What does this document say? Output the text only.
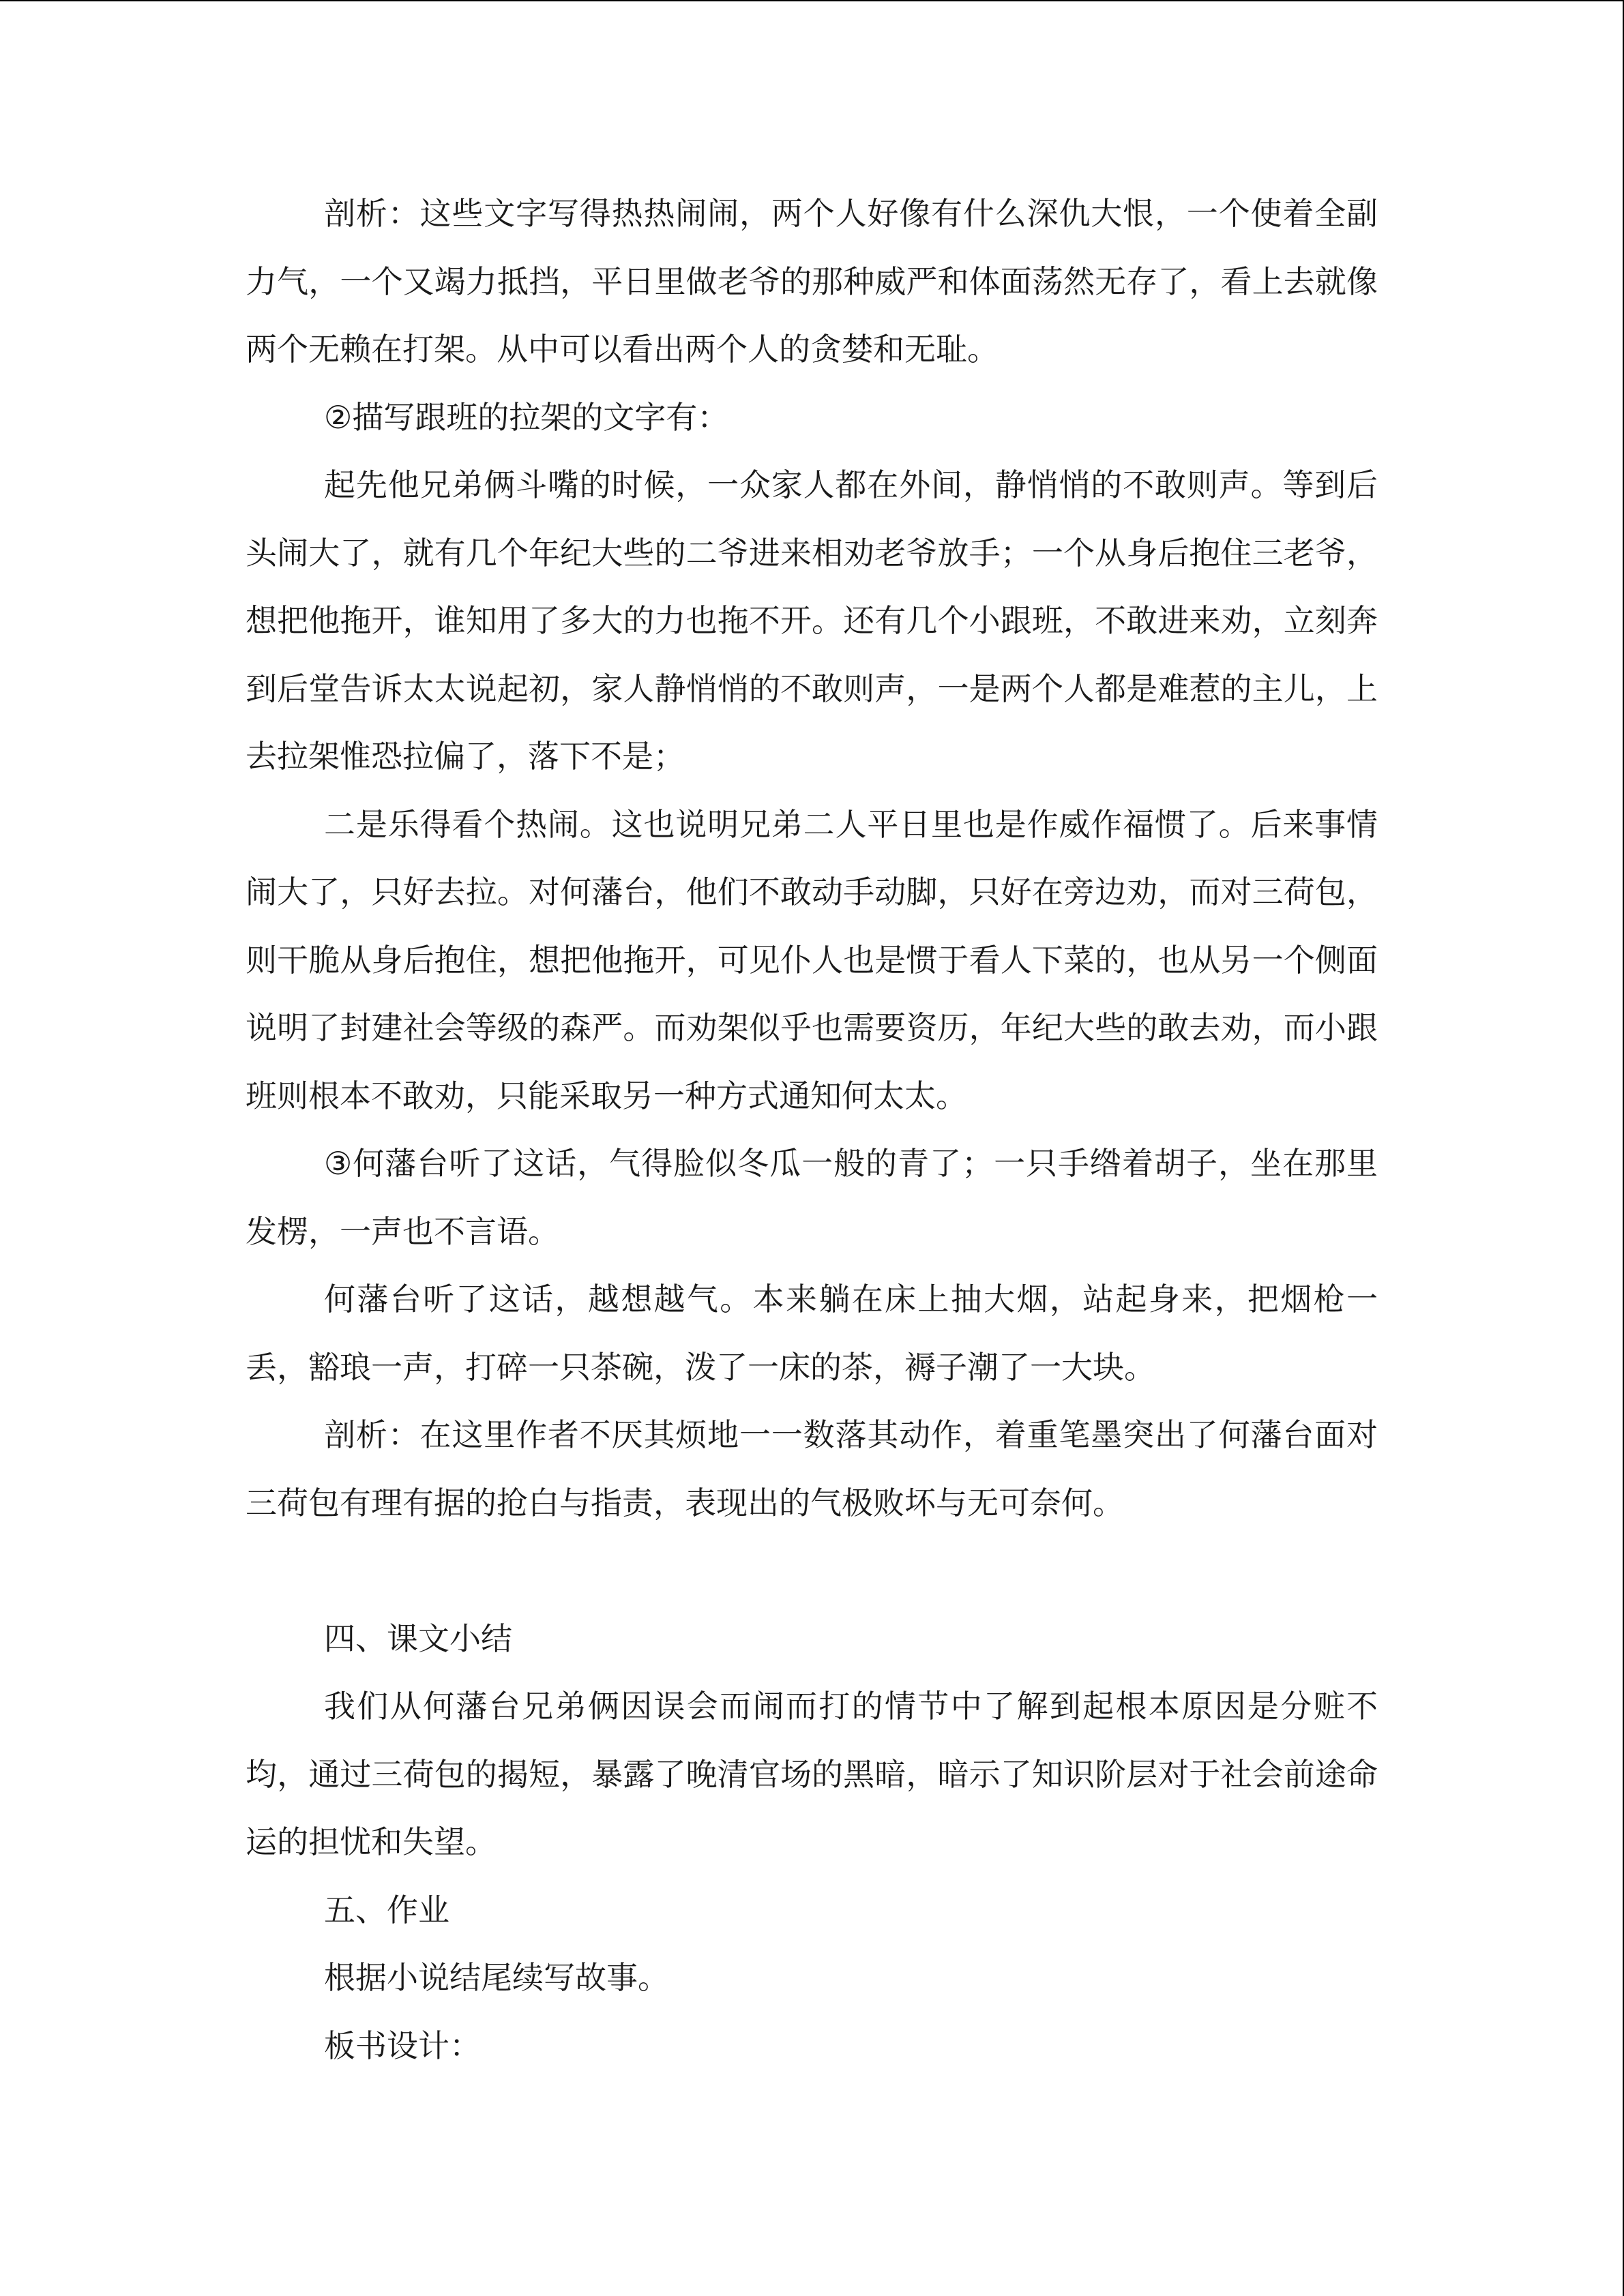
剖析：这些文字写得热热闹闹，两个人好像有什么深仇大恨，一个使着全副力气，一个又竭力抵挡，平日里做老爷的那种威严和体面荡然无存了，看上去就像两个无赖在打架。从中可以看出两个人的贪婪和无耻。

②描写跟班的拉架的文字有：

起先他兄弟俩斗嘴的时候，一众家人都在外间，静悄悄的不敢则声。等到后头闹大了，就有几个年纪大些的二爷进来相劝老爷放手；一个从身后抱住三老爷，想把他拖开，谁知用了多大的力也拖不开。还有几个小跟班，不敢进来劝，立刻奔到后堂告诉太太说起初，家人静悄悄的不敢则声，一是两个人都是难惹的主儿，上去拉架惟恐拉偏了，落下不是；

二是乐得看个热闹。这也说明兄弟二人平日里也是作威作福惯了。后来事情闹大了，只好去拉。对何藩台，他们不敢动手动脚，只好在旁边劝，而对三荷包，则干脆从身后抱住，想把他拖开，可见仆人也是惯于看人下菜的，也从另一个侧面说明了封建社会等级的森严。而劝架似乎也需要资历，年纪大些的敢去劝，而小跟班则根本不敢劝，只能采取另一种方式通知何太太。

③何藩台听了这话，气得脸似冬瓜一般的青了；一只手绺着胡子，坐在那里发楞，一声也不言语。

何藩台听了这话，越想越气。本来躺在床上抽大烟，站起身来，把烟枪一丢，豁琅一声，打碎一只茶碗，泼了一床的茶，褥子潮了一大块。

剖析：在这里作者不厌其烦地一一数落其动作，着重笔墨突出了何藩台面对三荷包有理有据的抢白与指责，表现出的气极败坏与无可奈何。

四、课文小结

我们从何藩台兄弟俩因误会而闹而打的情节中了解到起根本原因是分赃不均，通过三荷包的揭短，暴露了晚清官场的黑暗，暗示了知识阶层对于社会前途命运的担忧和失望。

五、作业

根据小说结尾续写故事。

板书设计：
